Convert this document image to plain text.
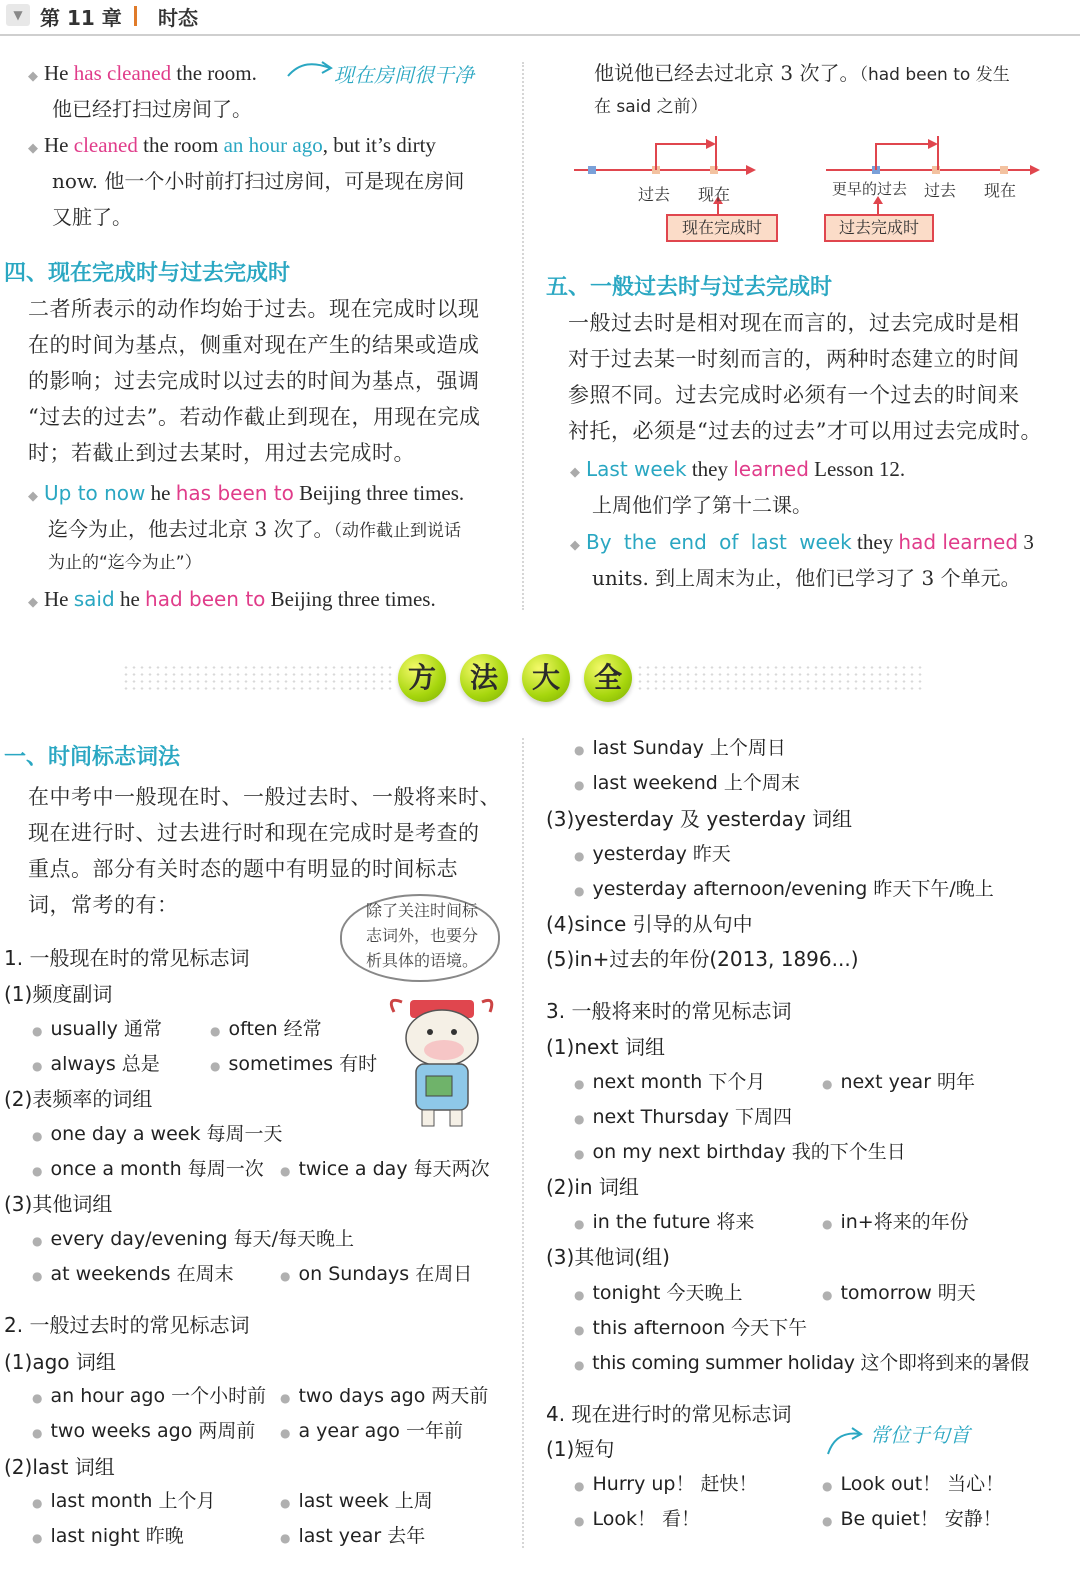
▼ 第 11 章 时态
◆ He has cleaned the room.	现在房间很干净
他已经打扫过房间了。
◆ He cleaned the room an hour ago, but it’s dirty
now. 他一个小时前打扫过房间，可是现在房间
又脏了。
四、现在完成时与过去完成时
二者所表示的动作均始于过去。现在完成时以现
在的时间为基点，侧重对现在产生的结果或造成
的影响；过去完成时以过去的时间为基点，强调
“过去的过去”。若动作截止到现在，用现在完成
时；若截止到过去某时，用过去完成时。
◆ Up to now he has been to Beijing three times.
迄今为止，他去过北京 3 次了。（动作截止到说话
为止的“迄今为止”）
◆ He said he had been to Beijing three times.
他说他已经去过北京 3 次了。（had been to 发生
在 said 之前）
过去 现在
现在完成时
更早的过去 过去 现在
过去完成时
五、一般过去时与过去完成时
一般过去时是相对现在而言的，过去完成时是相
对于过去某一时刻而言的，两种时态建立的时间
参照不同。过去完成时必须有一个过去的时间来
衬托，必须是“过去的过去”才可以用过去完成时。
◆ Last week they learned Lesson 12.
上周他们学了第十二课。
◆ By the end of last week they had learned 3
units. 到上周末为止，他们已学习了 3 个单元。
方	法	大	全
一、时间标志词法
在中考中一般现在时、一般过去时、一般将来时、
现在进行时、过去进行时和现在完成时是考查的
重点。部分有关时态的题中有明显的时间标志
词，常考的有：	除了关注时间标
志词外，也要分
析具体的语境。
1. 一般现在时的常见标志词
(1)频度副词
● usually 通常	● often 经常
● always 总是	● sometimes 有时
(2)表频率的词组
● one day a week 每周一天
● once a month 每周一次 ● twice a day 每天两次
(3)其他词组
● every day/evening 每天/每天晚上
● at weekends 在周末	● on Sundays 在周日
2. 一般过去时的常见标志词
(1)ago 词组
● an hour ago 一个小时前 ● two days ago 两天前
● two weeks ago 两周前 ● a year ago 一年前
(2)last 词组
● last month 上个月	● last week 上周
● last night 昨晚	● last year 去年
● last Sunday 上个周日
● last weekend 上个周末
(3)yesterday 及 yesterday 词组
● yesterday 昨天
● yesterday afternoon/evening 昨天下午/晚上
(4)since 引导的从句中
(5)in+过去的年份(2013, 1896...)
3. 一般将来时的常见标志词
(1)next 词组
● next month 下个月	● next year 明年
● next Thursday 下周四
● on my next birthday 我的下个生日
(2)in 词组
● in the future 将来	● in+将来的年份
(3)其他词(组)
● tonight 今天晚上	● tomorrow 明天
● this afternoon 今天下午
● this coming summer holiday 这个即将到来的暑假
4. 现在进行时的常见标志词
(1)短句
常位于句首
● Hurry up！ 赶快！	● Look out！ 当心！
● Look！ 看！	● Be quiet！ 安静！
